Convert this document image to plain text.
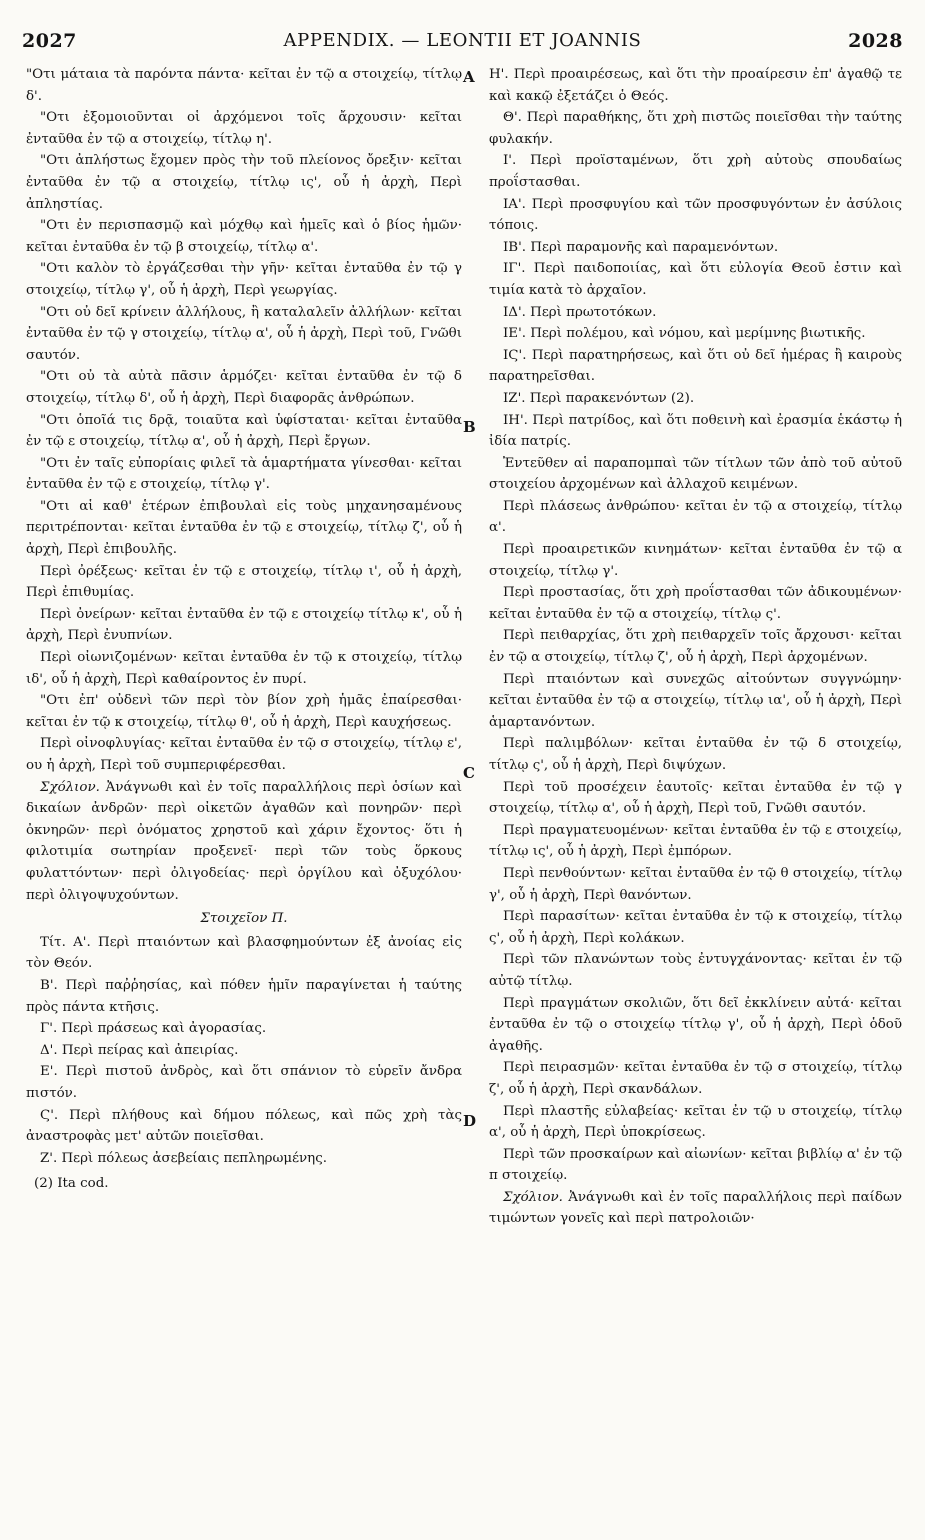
2027	APPENDIX. — LEONTII ET JOANNIS	2028
A
B
C
D

"Οτι μάταια τὰ παρόντα πάντα· κεῖται ἐν τῷ α στοιχείῳ, τίτλῳ δ'.

"Οτι ἐξομοιοῦνται οἱ ἀρχόμενοι τοῖς ἄρχουσιν· κεῖται ἐνταῦθα ἐν τῷ α στοιχείῳ, τίτλῳ η'.

"Οτι ἀπλήστως ἔχομεν πρὸς τὴν τοῦ πλείονος ὄρεξιν· κεῖται ἐνταῦθα ἐν τῷ α στοιχείῳ, τίτλῳ ις', οὗ ἡ ἀρχὴ, Περὶ ἀπληστίας.

"Οτι ἐν περισπασμῷ καὶ μόχθῳ καὶ ἡμεῖς καὶ ὁ βίος ἡμῶν· κεῖται ἐνταῦθα ἐν τῷ β στοιχείῳ, τίτλῳ α'.

"Οτι καλὸν τὸ ἐργάζεσθαι τὴν γῆν· κεῖται ἐνταῦθα ἐν τῷ γ στοιχείῳ, τίτλῳ γ', οὗ ἡ ἀρχὴ, Περὶ γεωργίας.

"Οτι οὐ δεῖ κρίνειν ἀλλήλους, ἢ καταλαλεῖν ἀλλήλων· κεῖται ἐνταῦθα ἐν τῷ γ στοιχείῳ, τίτλῳ α', οὗ ἡ ἀρχὴ, Περὶ τοῦ, Γνῶθι σαυτόν.

"Οτι οὐ τὰ αὐτὰ πᾶσιν ἁρμόζει· κεῖται ἐνταῦθα ἐν τῷ δ στοιχείῳ, τίτλῳ δ', οὗ ἡ ἀρχὴ, Περὶ διαφορᾶς ἀνθρώπων.

"Οτι ὁποῖά τις δρᾷ, τοιαῦτα καὶ ὑφίσταται· κεῖται ἐνταῦθα ἐν τῷ ε στοιχείῳ, τίτλῳ α', οὗ ἡ ἀρχὴ, Περὶ ἔργων.

"Οτι ἐν ταῖς εὐπορίαις φιλεῖ τὰ ἁμαρτήματα γίνεσθαι· κεῖται ἐνταῦθα ἐν τῷ ε στοιχείῳ, τίτλῳ γ'.

"Οτι αἱ καθ' ἑτέρων ἐπιβουλαὶ εἰς τοὺς μηχανησαμένους περιτρέπονται· κεῖται ἐνταῦθα ἐν τῷ ε στοιχείῳ, τίτλῳ ζ', οὗ ἡ ἀρχὴ, Περὶ ἐπιβουλῆς.

Περὶ ὀρέξεως· κεῖται ἐν τῷ ε στοιχείῳ, τίτλῳ ι', οὗ ἡ ἀρχὴ, Περὶ ἐπιθυμίας.

Περὶ ὀνείρων· κεῖται ἐνταῦθα ἐν τῷ ε στοιχείῳ τίτλῳ κ', οὗ ἡ ἀρχὴ, Περὶ ἐνυπνίων.

Περὶ οἰωνιζομένων· κεῖται ἐνταῦθα ἐν τῷ κ στοιχείῳ, τίτλῳ ιδ', οὗ ἡ ἀρχὴ, Περὶ καθαίροντος ἐν πυρί.

"Οτι ἐπ' οὐδενὶ τῶν περὶ τὸν βίον χρὴ ἡμᾶς ἐπαίρεσθαι· κεῖται ἐν τῷ κ στοιχείῳ, τίτλῳ θ', οὗ ἡ ἀρχὴ, Περὶ καυχήσεως.

Περὶ οἰνοφλυγίας· κεῖται ἐνταῦθα ἐν τῷ σ στοιχείῳ, τίτλῳ ε', ου ἡ ἀρχὴ, Περὶ τοῦ συμπεριφέρεσθαι.

Σχόλιον. Ἀνάγνωθι καὶ ἐν τοῖς παραλλήλοις περὶ ὁσίων καὶ δικαίων ἀνδρῶν· περὶ οἰκετῶν ἀγαθῶν καὶ πονηρῶν· περὶ ὀκνηρῶν· περὶ ὀνόματος χρηστοῦ καὶ χάριν ἔχοντος· ὅτι ἡ φιλοτιμία σωτηρίαν προξενεῖ· περὶ τῶν τοὺς ὅρκους φυλαττόντων· περὶ ὀλιγοδείας· περὶ ὀργίλου καὶ ὀξυχόλου· περὶ ὀλιγοψυχούντων.

Στοιχεῖον Π.

Τίτ. Α'. Περὶ πταιόντων καὶ βλασφημούντων ἐξ ἀνοίας εἰς τὸν Θεόν.

Β'. Περὶ παῤῥησίας, καὶ πόθεν ἡμῖν παραγίνεται ἡ ταύτης πρὸς πάντα κτῆσις.

Γ'. Περὶ πράσεως καὶ ἀγορασίας.

Δ'. Περὶ πείρας καὶ ἀπειρίας.

Ε'. Περὶ πιστοῦ ἀνδρὸς, καὶ ὅτι σπάνιον τὸ εὑρεῖν ἄνδρα πιστόν.

Ϛ'. Περὶ πλήθους καὶ δήμου πόλεως, καὶ πῶς χρὴ τὰς ἀναστροφὰς μετ' αὐτῶν ποιεῖσθαι.

Ζ'. Περὶ πόλεως ἀσεβείαις πεπληρωμένης.

(2) Ita cod.

Η'. Περὶ προαιρέσεως, καὶ ὅτι τὴν προαίρεσιν ἐπ' ἀγαθῷ τε καὶ κακῷ ἐξετάζει ὁ Θεός.

Θ'. Περὶ παραθήκης, ὅτι χρὴ πιστῶς ποιεῖσθαι τὴν ταύτης φυλακήν.

Ι'. Περὶ προϊσταμένων, ὅτι χρὴ αὐτοὺς σπουδαίως προΐστασθαι.

ΙΑ'. Περὶ προσφυγίου καὶ τῶν προσφυγόντων ἐν ἀσύλοις τόποις.

ΙΒ'. Περὶ παραμονῆς καὶ παραμενόντων.

ΙΓ'. Περὶ παιδοποιίας, καὶ ὅτι εὐλογία Θεοῦ ἐστιν καὶ τιμία κατὰ τὸ ἀρχαῖον.

ΙΔ'. Περὶ πρωτοτόκων.

ΙΕ'. Περὶ πολέμου, καὶ νόμου, καὶ μερίμνης βιωτικῆς.

ΙϚ'. Περὶ παρατηρήσεως, καὶ ὅτι οὐ δεῖ ἡμέρας ἢ καιροὺς παρατηρεῖσθαι.

ΙΖ'. Περὶ παρακενόντων (2).

ΙΗ'. Περὶ πατρίδος, καὶ ὅτι ποθεινὴ καὶ ἐρασμία ἑκάστῳ ἡ ἰδία πατρίς.

Ἐντεῦθεν αἱ παραπομπαὶ τῶν τίτλων τῶν ἀπὸ τοῦ αὐτοῦ στοιχείου ἀρχομένων καὶ ἀλλαχοῦ κειμένων.

Περὶ πλάσεως ἀνθρώπου· κεῖται ἐν τῷ α στοιχείῳ, τίτλῳ α'.

Περὶ προαιρετικῶν κινημάτων· κεῖται ἐνταῦθα ἐν τῷ α στοιχείῳ, τίτλῳ γ'.

Περὶ προστασίας, ὅτι χρὴ προΐστασθαι τῶν ἀδικουμένων· κεῖται ἐνταῦθα ἐν τῷ α στοιχείῳ, τίτλῳ ς'.

Περὶ πειθαρχίας, ὅτι χρὴ πειθαρχεῖν τοῖς ἄρχουσι· κεῖται ἐν τῷ α στοιχείῳ, τίτλῳ ζ', οὗ ἡ ἀρχὴ, Περὶ ἀρχομένων.

Περὶ πταιόντων καὶ συνεχῶς αἰτούντων συγγνώμην· κεῖται ἐνταῦθα ἐν τῷ α στοιχείῳ, τίτλῳ ια', οὗ ἡ ἀρχὴ, Περὶ ἁμαρτανόντων.

Περὶ παλιμβόλων· κεῖται ἐνταῦθα ἐν τῷ δ στοιχείῳ, τίτλῳ ς', οὗ ἡ ἀρχὴ, Περὶ διψύχων.

Περὶ τοῦ προσέχειν ἑαυτοῖς· κεῖται ἐνταῦθα ἐν τῷ γ στοιχείῳ, τίτλῳ α', οὗ ἡ ἀρχὴ, Περὶ τοῦ, Γνῶθι σαυτόν.

Περὶ πραγματευομένων· κεῖται ἐνταῦθα ἐν τῷ ε στοιχείῳ, τίτλῳ ις', οὗ ἡ ἀρχὴ, Περὶ ἐμπόρων.

Περὶ πενθούντων· κεῖται ἐνταῦθα ἐν τῷ θ στοιχείῳ, τίτλῳ γ', οὗ ἡ ἀρχὴ, Περὶ θανόντων.

Περὶ παρασίτων· κεῖται ἐνταῦθα ἐν τῷ κ στοιχείῳ, τίτλῳ ς', οὗ ἡ ἀρχὴ, Περὶ κολάκων.

Περὶ τῶν πλανώντων τοὺς ἐντυγχάνοντας· κεῖται ἐν τῷ αὐτῷ τίτλῳ.

Περὶ πραγμάτων σκολιῶν, ὅτι δεῖ ἐκκλίνειν αὐτά· κεῖται ἐνταῦθα ἐν τῷ ο στοιχείῳ τίτλῳ γ', οὗ ἡ ἀρχὴ, Περὶ ὁδοῦ ἀγαθῆς.

Περὶ πειρασμῶν· κεῖται ἐνταῦθα ἐν τῷ σ στοιχείῳ, τίτλῳ ζ', οὗ ἡ ἀρχὴ, Περὶ σκανδάλων.

Περὶ πλαστῆς εὐλαβείας· κεῖται ἐν τῷ υ στοιχείῳ, τίτλῳ α', οὗ ἡ ἀρχὴ, Περὶ ὑποκρίσεως.

Περὶ τῶν προσκαίρων καὶ αἰωνίων· κεῖται βιβλίῳ α' ἐν τῷ π στοιχείῳ.

Σχόλιον. Ἀνάγνωθι καὶ ἐν τοῖς παραλλήλοις περὶ παίδων τιμώντων γονεῖς καὶ περὶ πατρολοιῶν·
